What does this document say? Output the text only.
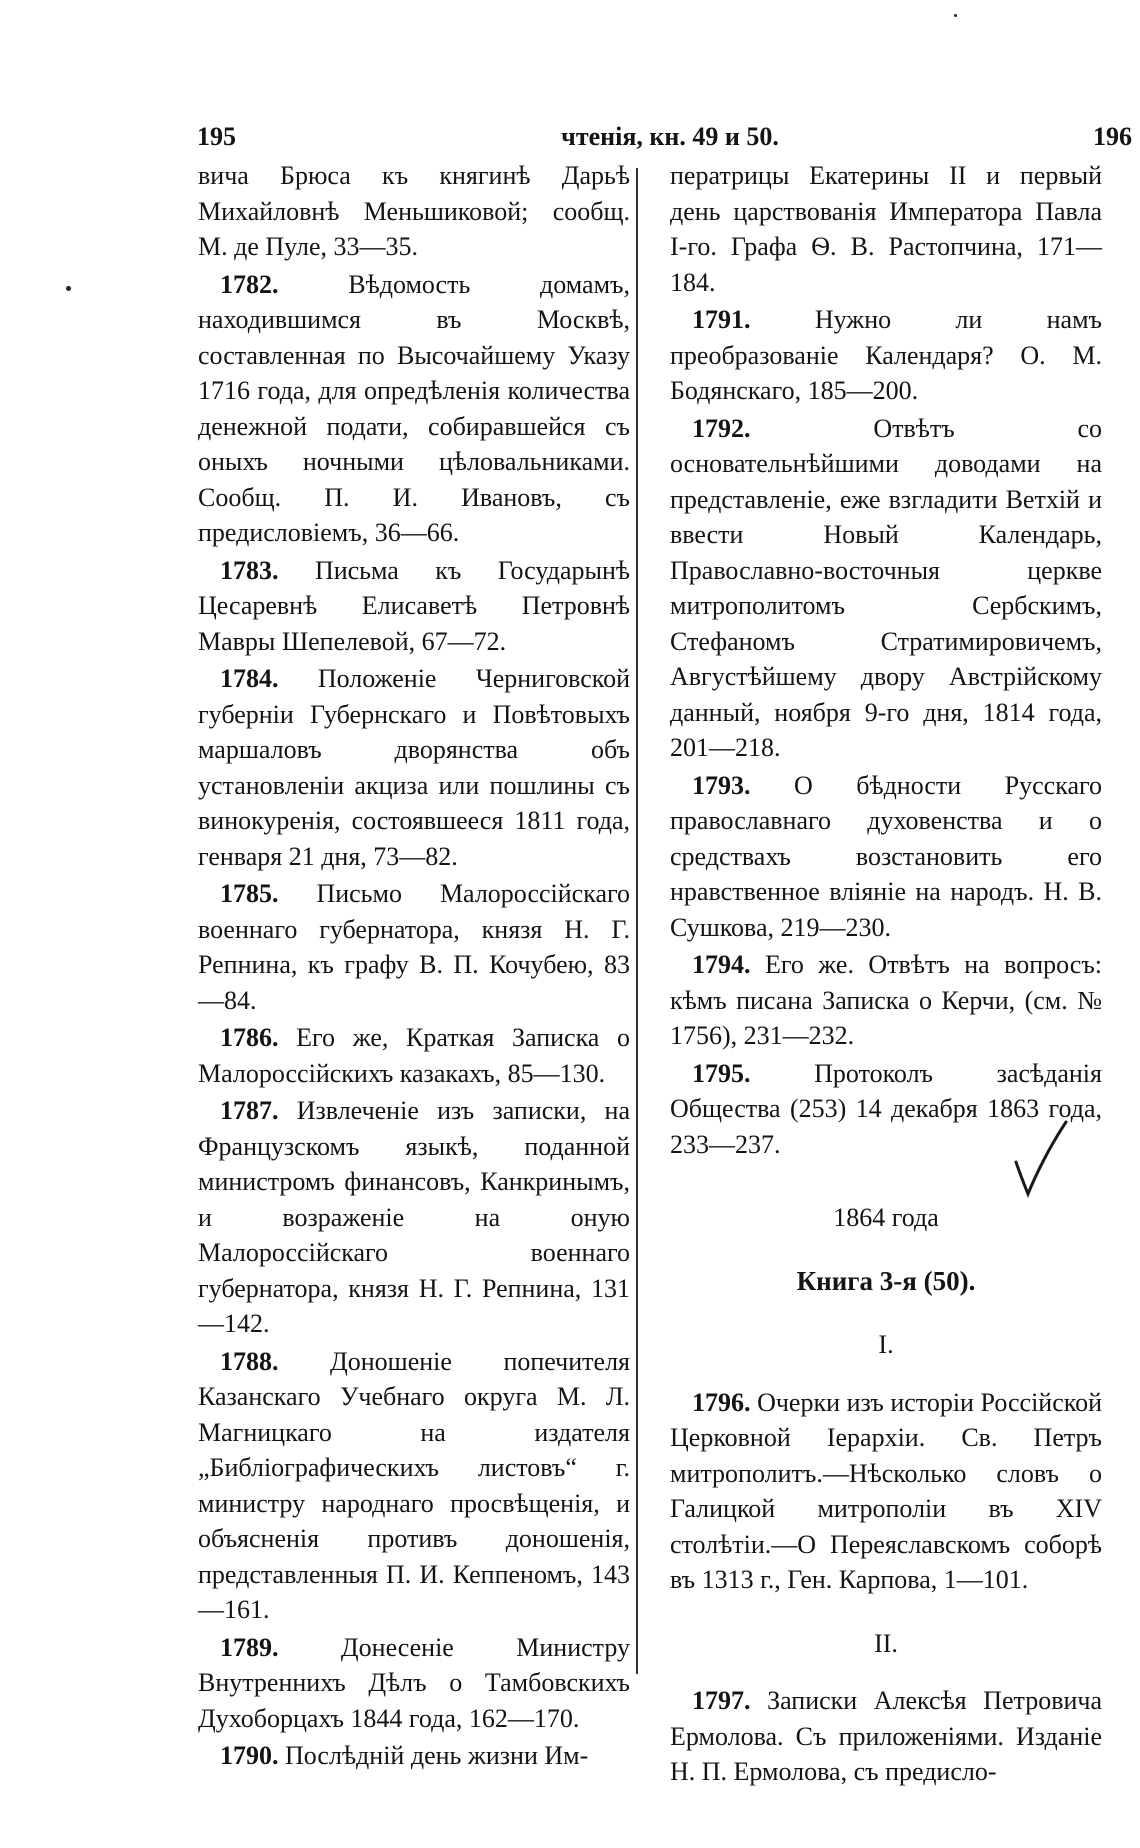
195	чтенія, кн. 49 и 50.	196

вича Брюса къ княгинѣ Дарьѣ Михайловнѣ Меньшиковой; сообщ. М. де Пуле, 33—35.

1782.	Вѣдомость домамъ, находившимся въ Москвѣ, составленная по Высочайшему Указу 1716 года, для опредѣленія количества денежной подати, собиравшейся съ оныхъ ночными цѣловальниками. Сообщ. П. И. Ивановъ, съ предисловіемъ, 36—66.

1783. Письма къ Государынѣ Цесаревнѣ Елисаветѣ Петровнѣ Мавры Шепелевой, 67—72.

1784. Положеніе Черниговской губерніи Губернскаго и Повѣтовыхъ маршаловъ дворянства объ установленіи акциза или пошлины съ винокуренія, состоявшееся 1811 года, генваря 21 дня, 73—82.

1785. Письмо Малороссійскаго военнаго губернатора, князя Н. Г. Репнина, къ графу В. П. Кочубею, 83—84.

1786. Его же, Краткая Записка о Малороссійскихъ казакахъ, 85—130.

1787. Извлеченіе изъ записки, на Французскомъ языкѣ, поданной министромъ финансовъ, Канкринымъ, и возраженіе на оную Малороссійскаго военнаго губернатора, князя Н. Г. Репнина, 131—142.

1788. Доношеніе попечителя Казанскаго Учебнаго округа М. Л. Магницкаго на издателя „Библіографическихъ листовъ“ г. министру народнаго просвѣщенія, и объясненія противъ доношенія, представленныя П. И. Кеппеномъ, 143—161.

1789. Донесеніе Министру Внутреннихъ Дѣлъ о Тамбовскихъ Духоборцахъ 1844 года, 162—170.

1790. Послѣдній день жизни Им-

ператрицы Екатерины II и первый день царствованія Императора Павла I-го. Графа Ѳ. В. Растопчина, 171—184.

1791. Нужно ли намъ преобразованіе Календаря? О. М. Бодянскаго, 185—200.

1792.	Отвѣтъ со основательнѣйшими доводами на представленіе, еже взгладити Ветхій и ввести Новый Календарь, Православно-восточныя церкве митрополитомъ Сербскимъ, Стефаномъ Стратимировичемъ, Августѣйшему двору Австрійскому данный, ноября 9-го дня, 1814 года, 201—218.

1793. О бѣдности Русскаго православнаго духовенства и о средствахъ возстановить его нравственное вліяніе на народъ. Н. В. Сушкова, 219—230.

1794. Его же. Отвѣтъ на вопросъ: кѣмъ писана Записка о Керчи, (см. № 1756), 231—232.

1795. Протоколъ засѣданія Общества (253) 14 декабря 1863 года, 233—237.

1864 года
Книга 3-я (50).
I.

1796. Очерки изъ исторіи Россійской Церковной Іерархіи. Св. Петръ митрополитъ.—Нѣсколько словъ о Галицкой митрополіи въ XIV столѣтіи.—О Переяславскомъ соборѣ въ 1313 г., Ген. Карпова, 1—101.

II.

1797. Записки Алексѣя Петровича Ермолова. Съ приложеніями. Изданіе Н. П. Ермолова, съ предисло-
